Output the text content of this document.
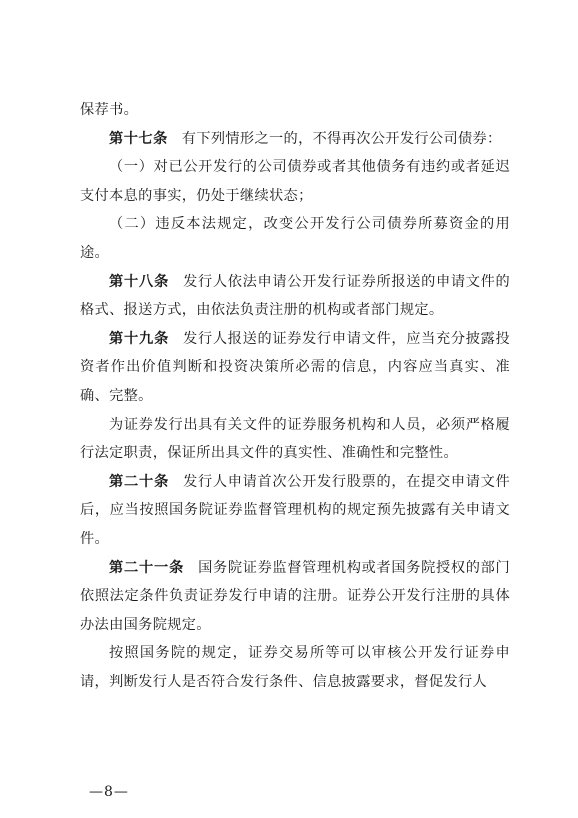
保荐书。

第十七条 有下列情形之一的，不得再次公开发行公司债券：

（一）对已公开发行的公司债券或者其他债务有违约或者延迟支付本息的事实，仍处于继续状态；

（二）违反本法规定，改变公开发行公司债券所募资金的用途。

第十八条 发行人依法申请公开发行证券所报送的申请文件的格式、报送方式，由依法负责注册的机构或者部门规定。

第十九条 发行人报送的证券发行申请文件，应当充分披露投资者作出价值判断和投资决策所必需的信息，内容应当真实、准确、完整。

为证券发行出具有关文件的证券服务机构和人员，必须严格履行法定职责，保证所出具文件的真实性、准确性和完整性。

第二十条 发行人申请首次公开发行股票的，在提交申请文件后，应当按照国务院证券监督管理机构的规定预先披露有关申请文件。

第二十一条 国务院证券监督管理机构或者国务院授权的部门依照法定条件负责证券发行申请的注册。证券公开发行注册的具体办法由国务院规定。

按照国务院的规定，证券交易所等可以审核公开发行证券申请，判断发行人是否符合发行条件、信息披露要求，督促发行人

—8—
